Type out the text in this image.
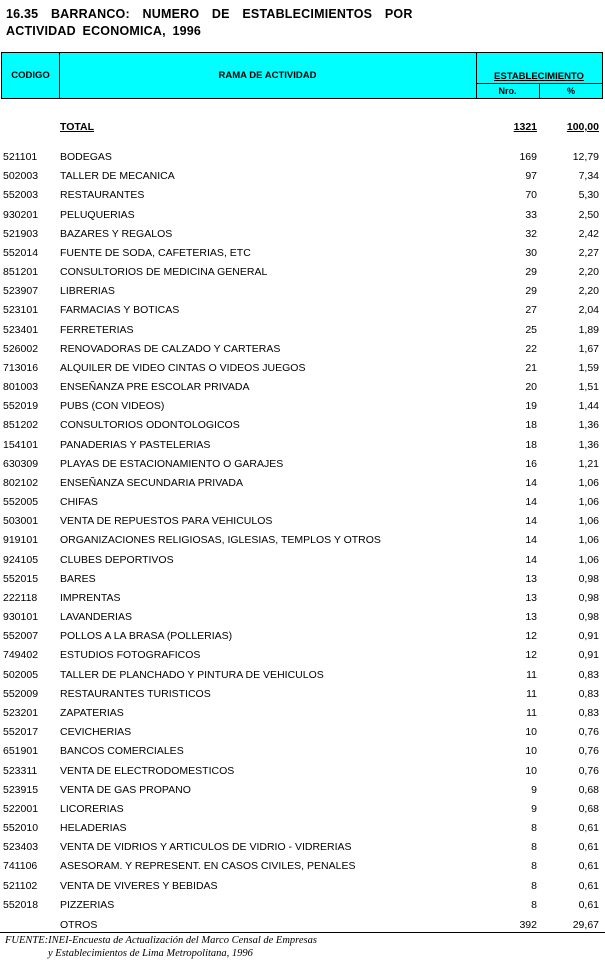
16.35 BARRANCO: NUMERO DE ESTABLECIMIENTOS POR
ACTIVIDAD ECONOMICA, 1996
CODIGO	RAMA DE ACTIVIDAD	ESTABLECIMIENTO
Nro.	%
TOTAL	1321	100,00
521101 BODEGAS	169	12,79
502003 TALLER DE MECANICA	97	7,34
552003 RESTAURANTES	70	5,30
930201 PELUQUERIAS	33	2,50
521903 BAZARES Y REGALOS	32	2,42
552014 FUENTE DE SODA, CAFETERIAS, ETC	30	2,27
851201 CONSULTORIOS DE MEDICINA GENERAL	29	2,20
523907 LIBRERIAS	29	2,20
523101 FARMACIAS Y BOTICAS	27	2,04
523401 FERRETERIAS	25	1,89
526002 RENOVADORAS DE CALZADO Y CARTERAS	22	1,67
713016 ALQUILER DE VIDEO CINTAS O VIDEOS JUEGOS	21	1,59
801003 ENSEÑANZA PRE ESCOLAR PRIVADA	20	1,51
552019 PUBS (CON VIDEOS)	19	1,44
851202 CONSULTORIOS ODONTOLOGICOS	18	1,36
154101 PANADERIAS Y PASTELERIAS	18	1,36
630309 PLAYAS DE ESTACIONAMIENTO O GARAJES	16	1,21
802102 ENSEÑANZA SECUNDARIA PRIVADA	14	1,06
552005 CHIFAS	14	1,06
503001 VENTA DE REPUESTOS PARA VEHICULOS	14	1,06
919101 ORGANIZACIONES RELIGIOSAS, IGLESIAS, TEMPLOS Y OTROS	14	1,06
924105 CLUBES DEPORTIVOS	14	1,06
552015 BARES	13	0,98
222118 IMPRENTAS	13	0,98
930101 LAVANDERIAS	13	0,98
552007 POLLOS A LA BRASA (POLLERIAS)	12	0,91
749402 ESTUDIOS FOTOGRAFICOS	12	0,91
502005 TALLER DE PLANCHADO Y PINTURA DE VEHICULOS	11	0,83
552009 RESTAURANTES TURISTICOS	11	0,83
523201 ZAPATERIAS	11	0,83
552017 CEVICHERIAS	10	0,76
651901 BANCOS COMERCIALES	10	0,76
523311 VENTA DE ELECTRODOMESTICOS	10	0,76
523915 VENTA DE GAS PROPANO	9	0,68
522001 LICORERIAS	9	0,68
552010 HELADERIAS	8	0,61
523403 VENTA DE VIDRIOS Y ARTICULOS DE VIDRIO - VIDRERIAS	8	0,61
741106 ASESORAM. Y REPRESENT. EN CASOS CIVILES, PENALES	8	0,61
521102 VENTA DE VIVERES Y BEBIDAS	8	0,61
552018 PIZZERIAS	8	0,61
OTROS	392	29,67
FUENTE:INEI-Encuesta de Actualización del Marco Censal de Empresas
y Establecimientos de Lima Metropolitana, 1996
